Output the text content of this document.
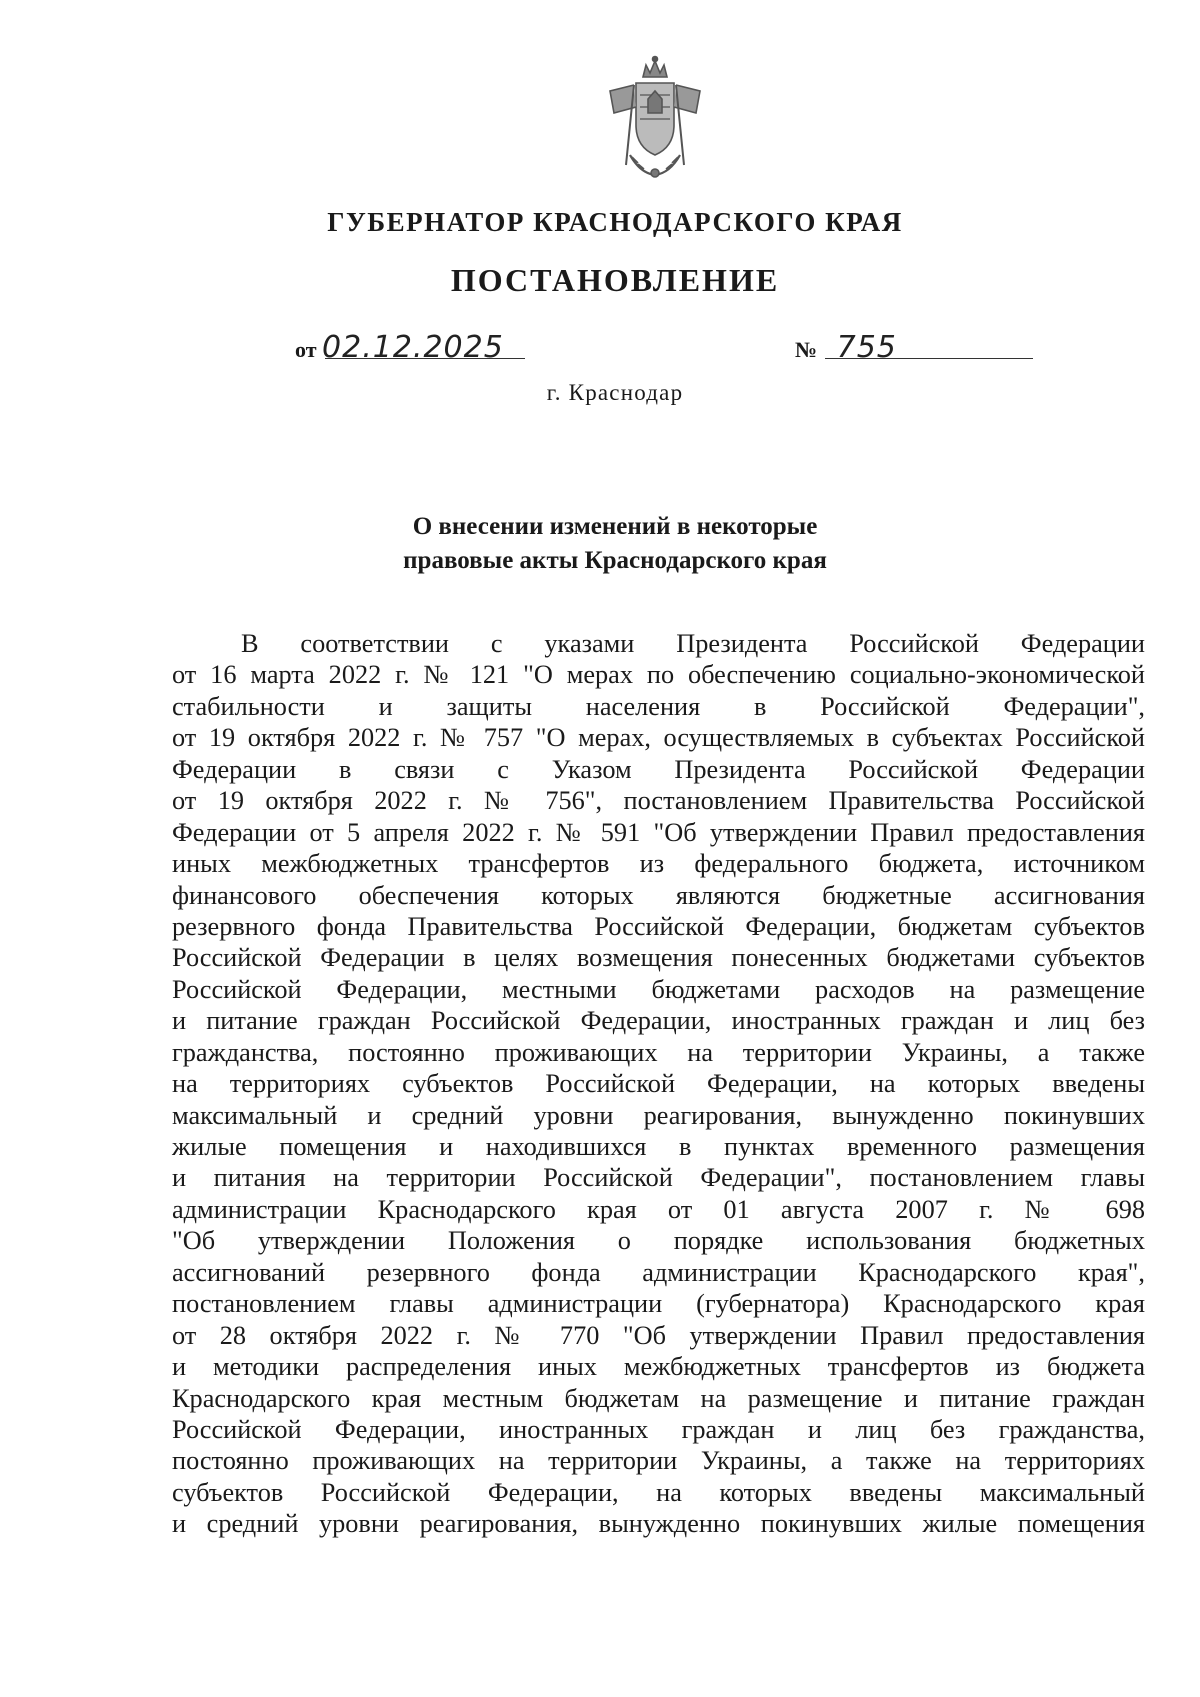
ГУБЕРНАТОР КРАСНОДАРСКОГО КРАЯ
ПОСТАНОВЛЕНИЕ
от 02.12.2025	№ 755
г. Краснодар
О внесении изменений в некоторые
правовые акты Краснодарского края
В соответствии с указами Президента Российской Федерации
от 16 марта 2022 г. № 121 "О мерах по обеспечению социально-экономической
стабильности и защиты населения в Российской Федерации",
от 19 октября 2022 г. № 757 "О мерах, осуществляемых в субъектах Российской
Федерации в связи с Указом Президента Российской Федерации
от 19 октября 2022 г. № 756", постановлением Правительства Российской
Федерации от 5 апреля 2022 г. № 591 "Об утверждении Правил предоставления
иных межбюджетных трансфертов из федерального бюджета, источником
финансового обеспечения которых являются бюджетные ассигнования
резервного фонда Правительства Российской Федерации, бюджетам субъектов
Российской Федерации в целях возмещения понесенных бюджетами субъектов
Российской Федерации, местными бюджетами расходов на размещение
и питание граждан Российской Федерации, иностранных граждан и лиц без
гражданства, постоянно проживающих на территории Украины, а также
на территориях субъектов Российской Федерации, на которых введены
максимальный и средний уровни реагирования, вынужденно покинувших
жилые помещения и находившихся в пунктах временного размещения
и питания на территории Российской Федерации", постановлением главы
администрации Краснодарского края от 01 августа 2007 г. № 698
"Об утверждении Положения о порядке использования бюджетных
ассигнований резервного фонда администрации Краснодарского края",
постановлением главы администрации (губернатора) Краснодарского края
от 28 октября 2022 г. № 770 "Об утверждении Правил предоставления
и методики распределения иных межбюджетных трансфертов из бюджета
Краснодарского края местным бюджетам на размещение и питание граждан
Российской Федерации, иностранных граждан и лиц без гражданства,
постоянно проживающих на территории Украины, а также на территориях
субъектов Российской Федерации, на которых введены максимальный
и средний уровни реагирования, вынужденно покинувших жилые помещения
